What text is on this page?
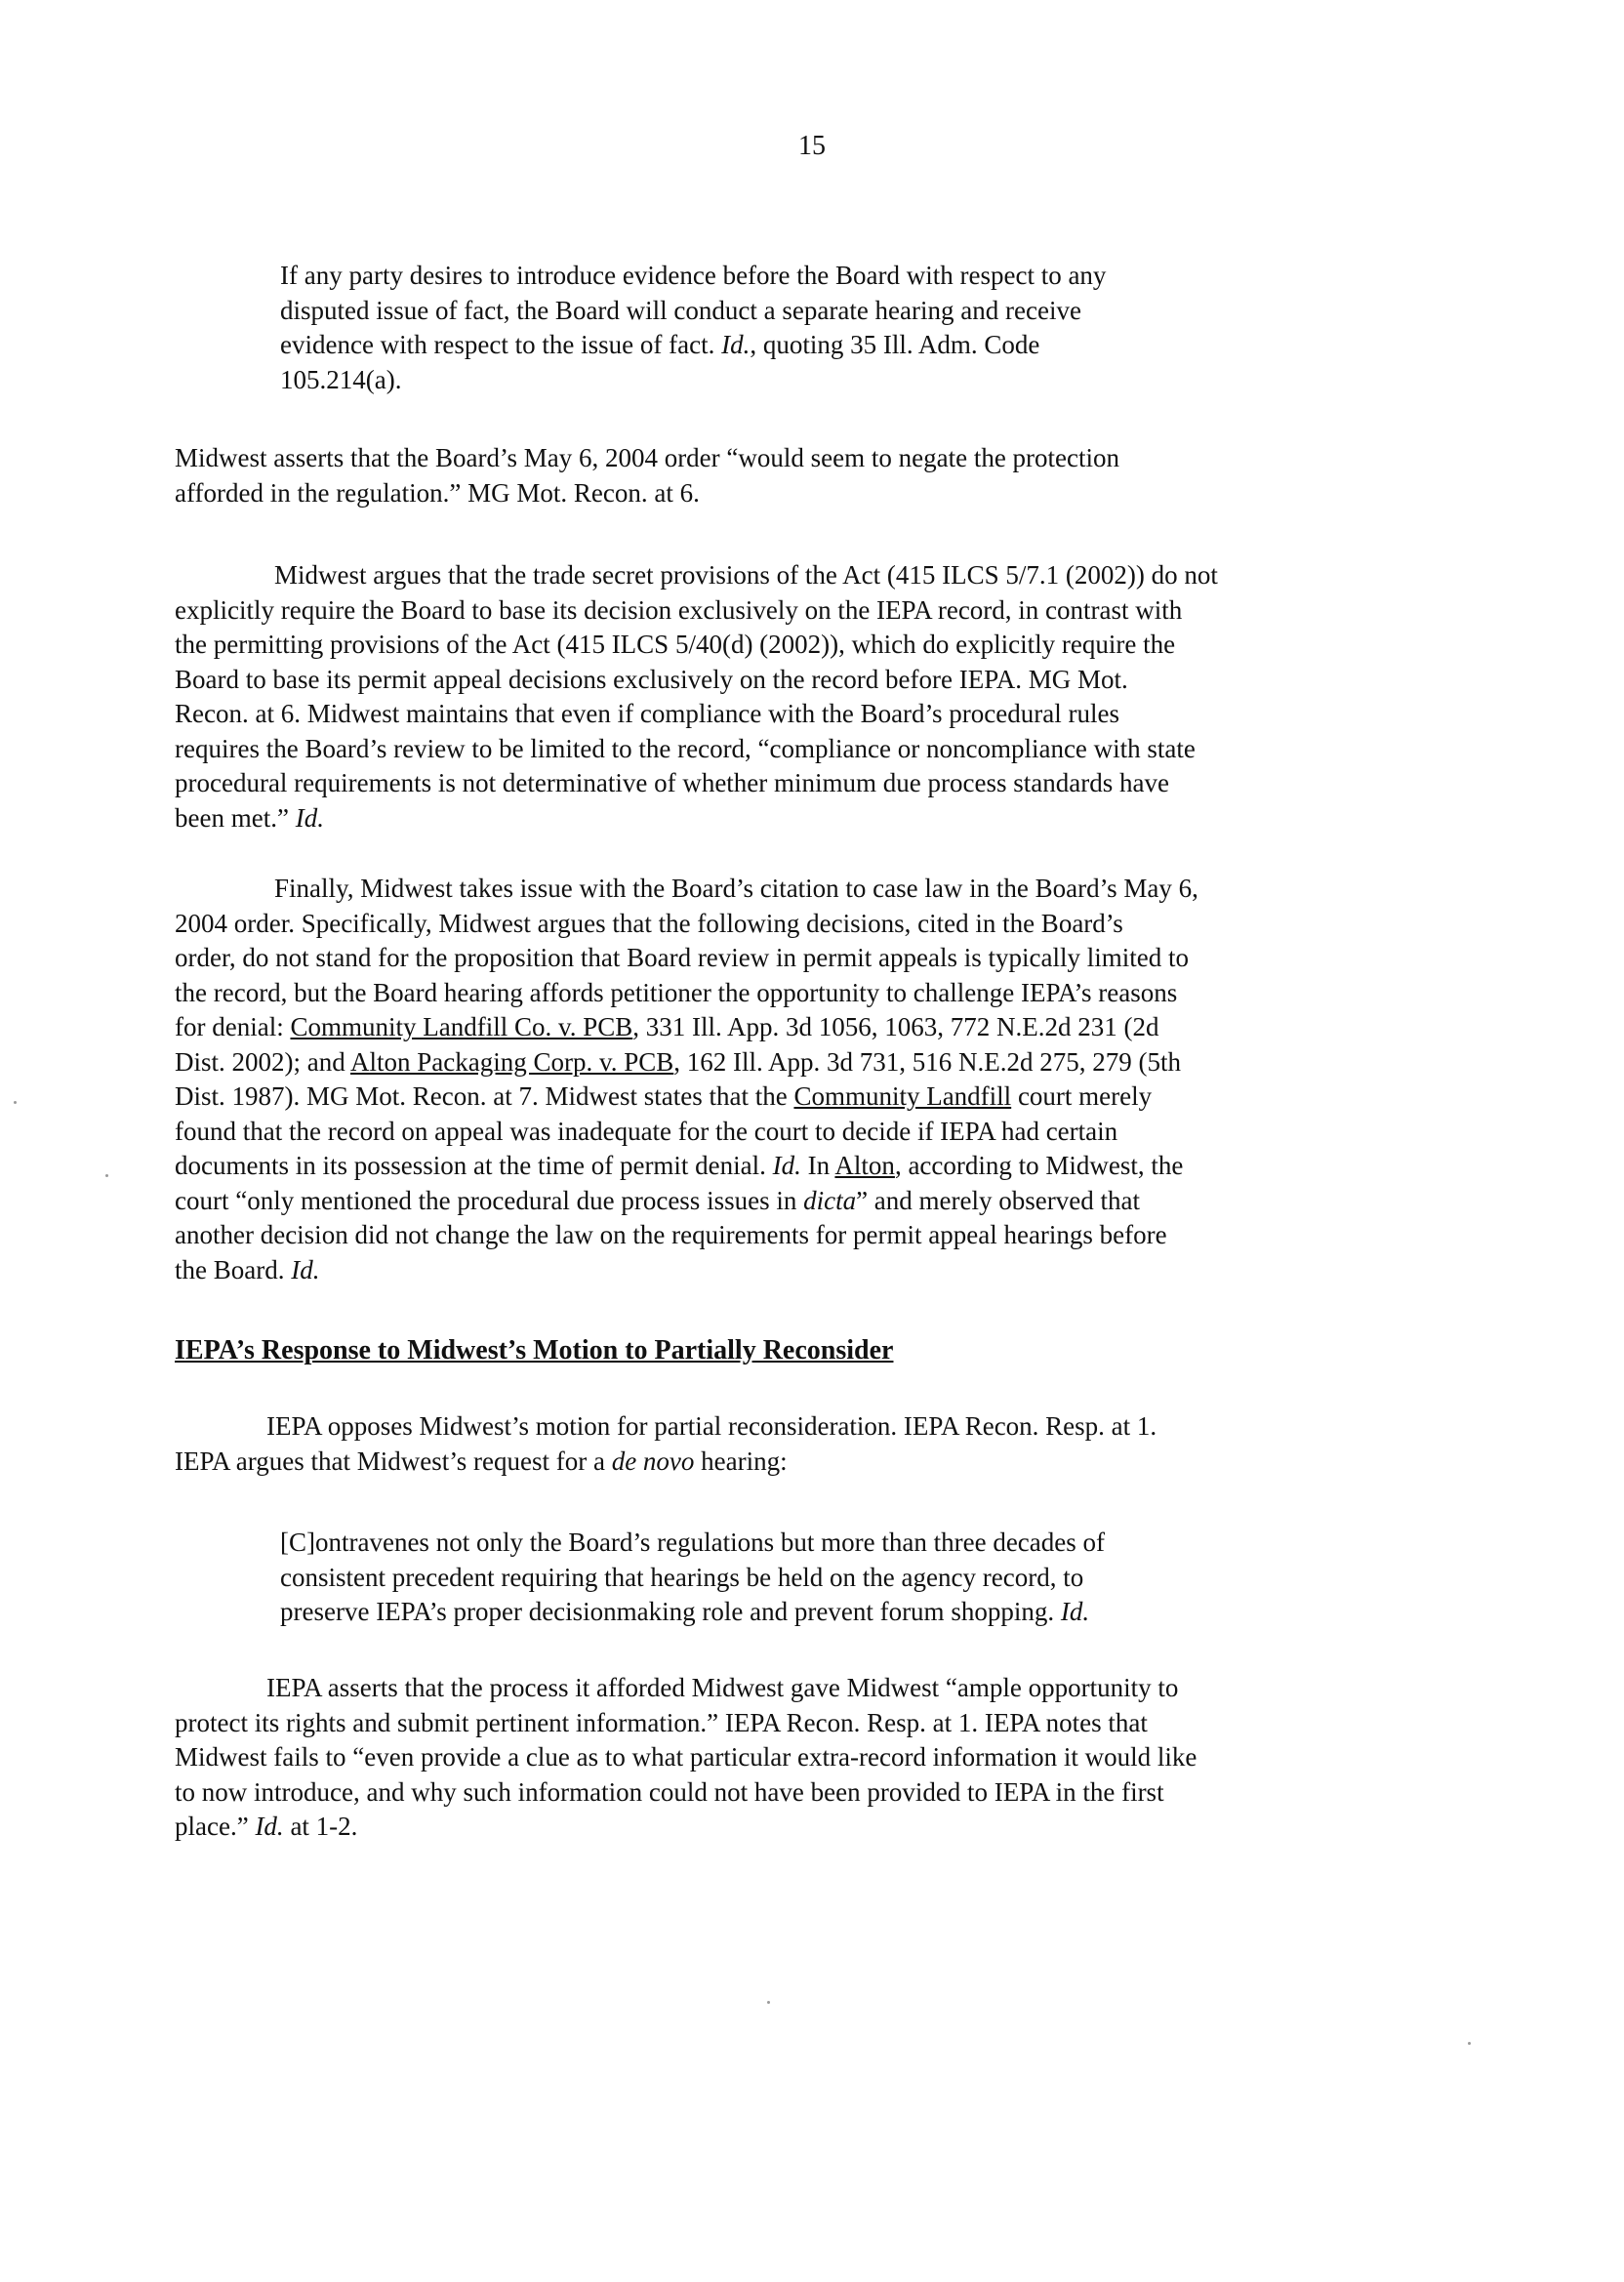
15
If any party desires to introduce evidence before the Board with respect to any
disputed issue of fact, the Board will conduct a separate hearing and receive
evidence with respect to the issue of fact. Id., quoting 35 Ill. Adm. Code
105.214(a).
Midwest asserts that the Board’s May 6, 2004 order “would seem to negate the protection
afforded in the regulation.” MG Mot. Recon. at 6.
Midwest argues that the trade secret provisions of the Act (415 ILCS 5/7.1 (2002)) do not
explicitly require the Board to base its decision exclusively on the IEPA record, in contrast with
the permitting provisions of the Act (415 ILCS 5/40(d) (2002)), which do explicitly require the
Board to base its permit appeal decisions exclusively on the record before IEPA. MG Mot.
Recon. at 6. Midwest maintains that even if compliance with the Board’s procedural rules
requires the Board’s review to be limited to the record, “compliance or noncompliance with state
procedural requirements is not determinative of whether minimum due process standards have
been met.” Id.
Finally, Midwest takes issue with the Board’s citation to case law in the Board’s May 6,
2004 order. Specifically, Midwest argues that the following decisions, cited in the Board’s
order, do not stand for the proposition that Board review in permit appeals is typically limited to
the record, but the Board hearing affords petitioner the opportunity to challenge IEPA’s reasons
for denial: Community Landfill Co. v. PCB, 331 Ill. App. 3d 1056, 1063, 772 N.E.2d 231 (2d
Dist. 2002); and Alton Packaging Corp. v. PCB, 162 Ill. App. 3d 731, 516 N.E.2d 275, 279 (5th
Dist. 1987). MG Mot. Recon. at 7. Midwest states that the Community Landfill court merely
found that the record on appeal was inadequate for the court to decide if IEPA had certain
documents in its possession at the time of permit denial. Id. In Alton, according to Midwest, the
court “only mentioned the procedural due process issues in dicta” and merely observed that
another decision did not change the law on the requirements for permit appeal hearings before
the Board. Id.
IEPA’s Response to Midwest’s Motion to Partially Reconsider
IEPA opposes Midwest’s motion for partial reconsideration. IEPA Recon. Resp. at 1.
IEPA argues that Midwest’s request for a de novo hearing:
[C]ontravenes not only the Board’s regulations but more than three decades of
consistent precedent requiring that hearings be held on the agency record, to
preserve IEPA’s proper decisionmaking role and prevent forum shopping. Id.
IEPA asserts that the process it afforded Midwest gave Midwest “ample opportunity to
protect its rights and submit pertinent information.” IEPA Recon. Resp. at 1. IEPA notes that
Midwest fails to “even provide a clue as to what particular extra-record information it would like
to now introduce, and why such information could not have been provided to IEPA in the first
place.” Id. at 1-2.
